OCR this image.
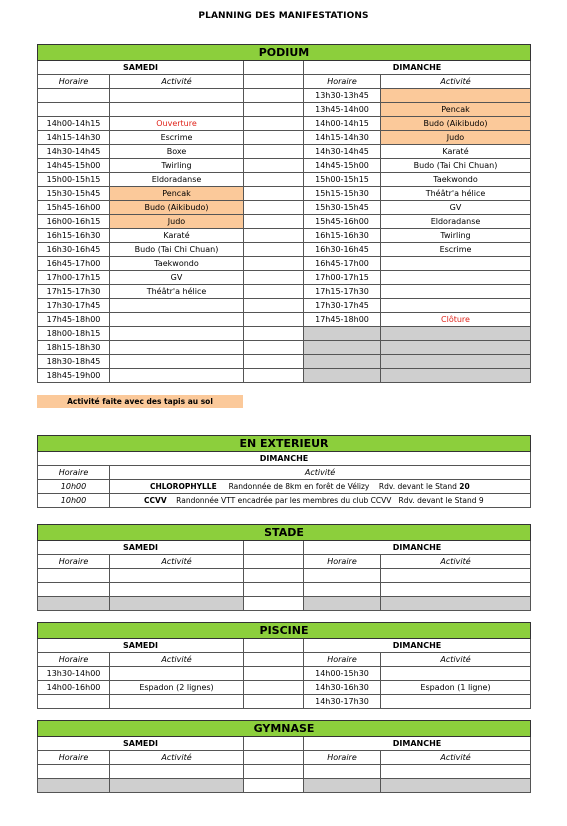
PLANNING DES MANIFESTATIONS
PODIUM				
SAMEDI			DIMANCHE	
Horaire	Activité		Horaire	Activité
			13h30-13h45	
			13h45-14h00	Pencak
14h00-14h15	Ouverture		14h00-14h15	Budo (Aikibudo)
14h15-14h30	Escrime		14h15-14h30	Judo
14h30-14h45	Boxe		14h30-14h45	Karaté
14h45-15h00	Twirling		14h45-15h00	Budo (Tai Chi Chuan)
15h00-15h15	Eldoradanse		15h00-15h15	Taekwondo
15h30-15h45	Pencak		15h15-15h30	Théâtr'a hélice
15h45-16h00	Budo (Aikibudo)		15h30-15h45	GV
16h00-16h15	Judo		15h45-16h00	Eldoradanse
16h15-16h30	Karaté		16h15-16h30	Twirling
16h30-16h45	Budo (Tai Chi Chuan)		16h30-16h45	Escrime
16h45-17h00	Taekwondo		16h45-17h00	
17h00-17h15	GV		17h00-17h15	
17h15-17h30	Théâtr'a hélice		17h15-17h30	
17h30-17h45			17h30-17h45	
17h45-18h00			17h45-18h00	Clôture
18h00-18h15				
18h15-18h30				
18h30-18h45				
18h45-19h00				
Activité faite avec des tapis au sol
EN EXTERIEUR	
DIMANCHE	
Horaire	Activité
10h00	CHLOROPHYLLE Randonnée de 8km en forêt de Vélizy Rdv. devant le Stand 20
10h00	CCVV Randonnée VTT encadrée par les membres du club CCVV Rdv. devant le Stand 9
STADE				
SAMEDI			DIMANCHE	
Horaire	Activité		Horaire	Activité

PISCINE				
SAMEDI			DIMANCHE	
Horaire	Activité		Horaire	Activité
13h30-14h00			14h00-15h30	
14h00-16h00	Espadon (2 lignes)		14h30-16h30	Espadon (1 ligne)
			14h30-17h30	
GYMNASE				
SAMEDI			DIMANCHE	
Horaire	Activité		Horaire	Activité
